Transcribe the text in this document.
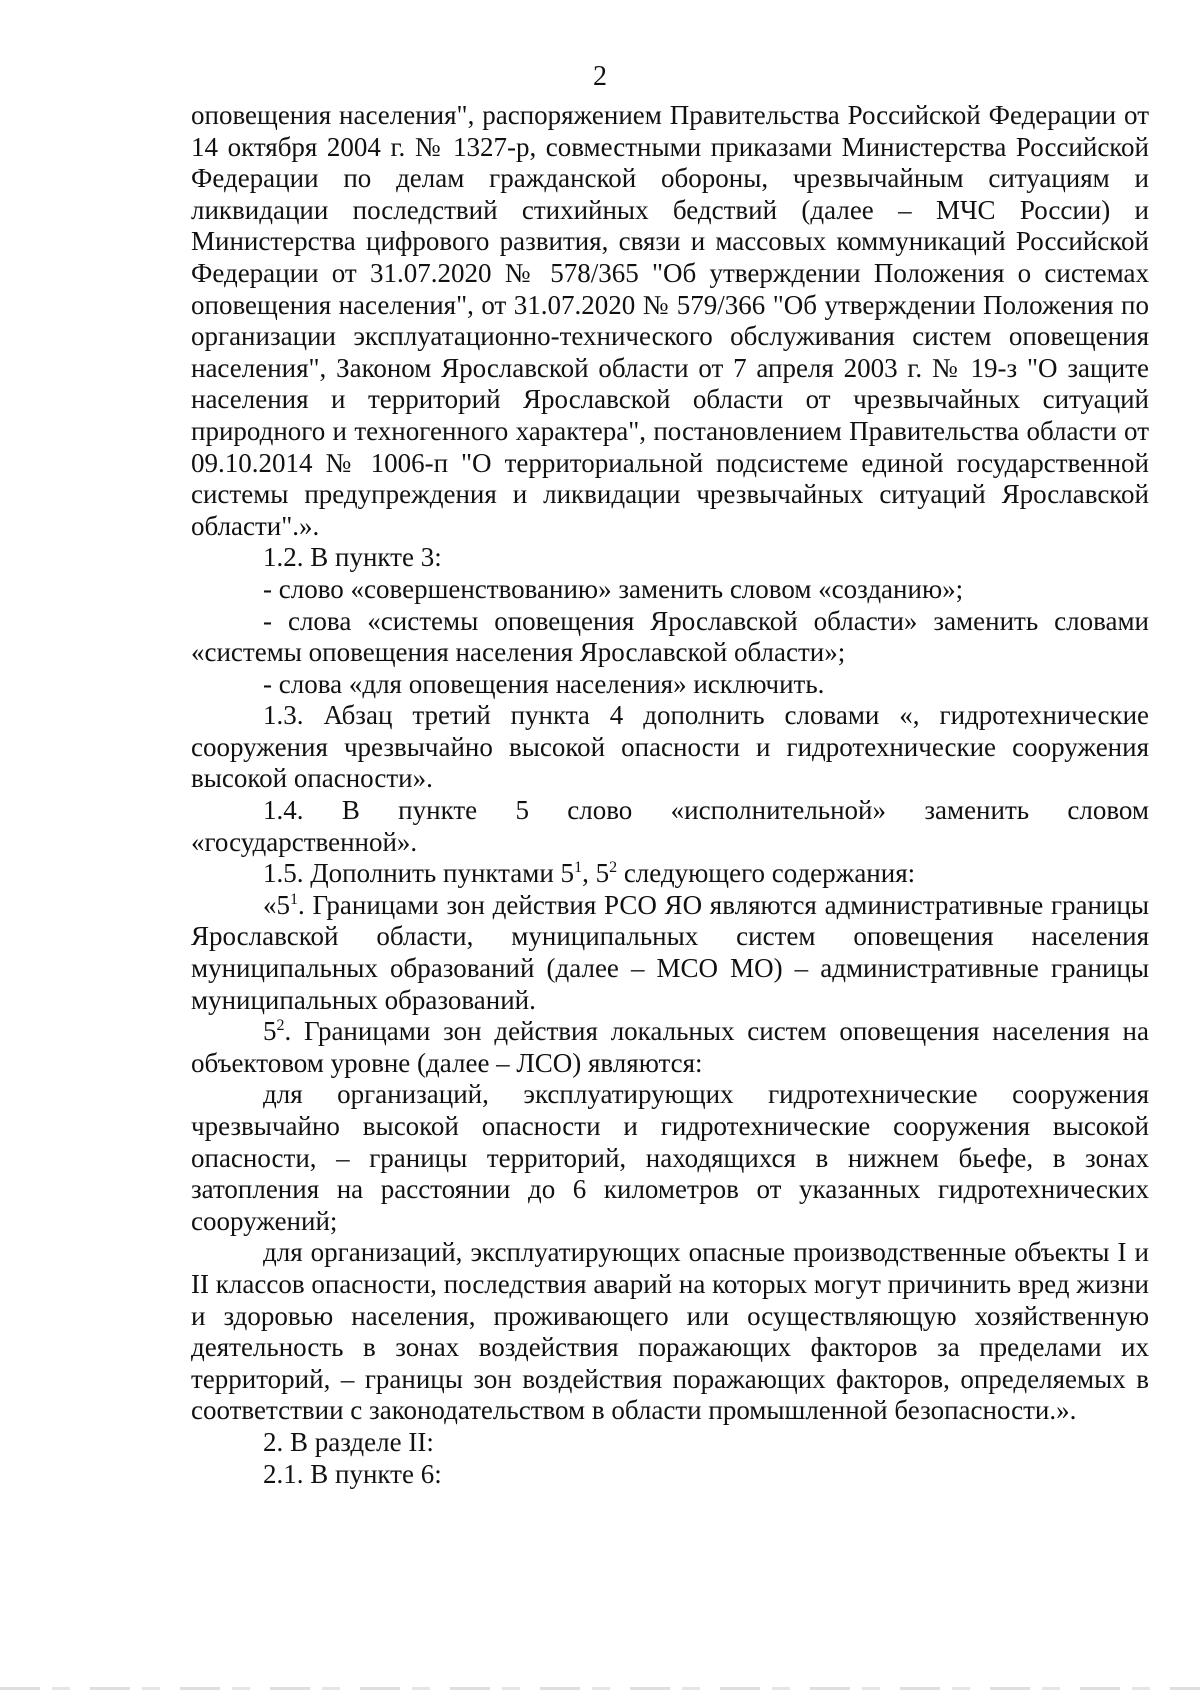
2

оповещения населения", распоряжением Правительства Российской Федерации от 14 октября 2004 г. № 1327-р, совместными приказами Министерства Российской Федерации по делам гражданской обороны, чрезвычайным ситуациям и ликвидации последствий стихийных бедствий (далее – МЧС России) и Министерства цифрового развития, связи и массовых коммуникаций Российской Федерации от 31.07.2020 № 578/365 "Об утверждении Положения о системах оповещения населения", от 31.07.2020 № 579/366 "Об утверждении Положения по организации эксплуатационно-технического обслуживания систем оповещения населения", Законом Ярославской области от 7 апреля 2003 г. № 19-з "О защите населения и территорий Ярославской области от чрезвычайных ситуаций природного и техногенного характера", постановлением Правительства области от 09.10.2014 № 1006-п "О территориальной подсистеме единой государственной системы предупреждения и ликвидации чрезвычайных ситуаций Ярославской области".».

1.2. В пункте 3:

- слово «совершенствованию» заменить словом «созданию»;

- слова «системы оповещения Ярославской области» заменить словами «системы оповещения населения Ярославской области»;

- слова «для оповещения населения» исключить.

1.3. Абзац третий пункта 4 дополнить словами «, гидротехнические сооружения чрезвычайно высокой опасности и гидротехнические сооружения высокой опасности».

1.4. В пункте 5 слово «исполнительной» заменить словом «государственной».

1.5. Дополнить пунктами $5^1$, $5^2$ следующего содержания:

«$5^1$. Границами зон действия РСО ЯО являются административные границы Ярославской области, муниципальных систем оповещения населения муниципальных образований (далее – МСО МО) – административные границы муниципальных образований.

$5^2$. Границами зон действия локальных систем оповещения населения на объектовом уровне (далее – ЛСО) являются:

для организаций, эксплуатирующих гидротехнические сооружения чрезвычайно высокой опасности и гидротехнические сооружения высокой опасности, – границы территорий, находящихся в нижнем бьефе, в зонах затопления на расстоянии до 6 километров от указанных гидротехнических сооружений;

для организаций, эксплуатирующих опасные производственные объекты I и II классов опасности, последствия аварий на которых могут причинить вред жизни и здоровью населения, проживающего или осуществляющую хозяйственную деятельность в зонах воздействия поражающих факторов за пределами их территорий, – границы зон воздействия поражающих факторов, определяемых в соответствии с законодательством в области промышленной безопасности.».

2. В разделе II:

2.1. В пункте 6:
